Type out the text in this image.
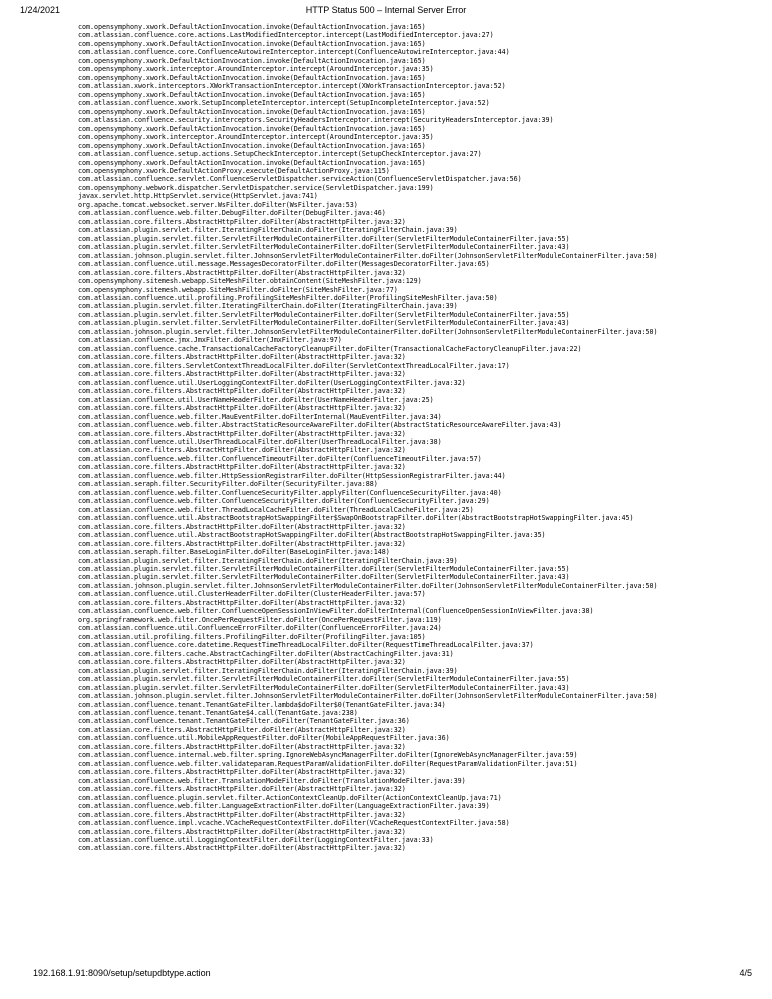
1/24/2021	HTTP Status 500 – Internal Server Error
com.opensymphony.xwork.DefaultActionInvocation.invoke(DefaultActionInvocation.java:165)
com.atlassian.confluence.core.actions.LastModifiedInterceptor.intercept(LastModifiedInterceptor.java:27)
com.opensymphony.xwork.DefaultActionInvocation.invoke(DefaultActionInvocation.java:165)
com.atlassian.confluence.core.ConfluenceAutowireInterceptor.intercept(ConfluenceAutowireInterceptor.java:44)
com.opensymphony.xwork.DefaultActionInvocation.invoke(DefaultActionInvocation.java:165)
com.opensymphony.xwork.interceptor.AroundInterceptor.intercept(AroundInterceptor.java:35)
com.opensymphony.xwork.DefaultActionInvocation.invoke(DefaultActionInvocation.java:165)
com.atlassian.xwork.interceptors.XWorkTransactionInterceptor.intercept(XWorkTransactionInterceptor.java:52)
com.opensymphony.xwork.DefaultActionInvocation.invoke(DefaultActionInvocation.java:165)
com.atlassian.confluence.xwork.SetupIncompleteInterceptor.intercept(SetupIncompleteInterceptor.java:52)
com.opensymphony.xwork.DefaultActionInvocation.invoke(DefaultActionInvocation.java:165)
com.atlassian.confluence.security.interceptors.SecurityHeadersInterceptor.intercept(SecurityHeadersInterceptor.java:39)
com.opensymphony.xwork.DefaultActionInvocation.invoke(DefaultActionInvocation.java:165)
com.opensymphony.xwork.interceptor.AroundInterceptor.intercept(AroundInterceptor.java:35)
com.opensymphony.xwork.DefaultActionInvocation.invoke(DefaultActionInvocation.java:165)
com.atlassian.confluence.setup.actions.SetupCheckInterceptor.intercept(SetupCheckInterceptor.java:27)
com.opensymphony.xwork.DefaultActionInvocation.invoke(DefaultActionInvocation.java:165)
com.opensymphony.xwork.DefaultActionProxy.execute(DefaultActionProxy.java:115)
com.atlassian.confluence.servlet.ConfluenceServletDispatcher.serviceAction(ConfluenceServletDispatcher.java:56)
com.opensymphony.webwork.dispatcher.ServletDispatcher.service(ServletDispatcher.java:199)
javax.servlet.http.HttpServlet.service(HttpServlet.java:741)
org.apache.tomcat.websocket.server.WsFilter.doFilter(WsFilter.java:53)
com.atlassian.confluence.web.filter.DebugFilter.doFilter(DebugFilter.java:46)
com.atlassian.core.filters.AbstractHttpFilter.doFilter(AbstractHttpFilter.java:32)
com.atlassian.plugin.servlet.filter.IteratingFilterChain.doFilter(IteratingFilterChain.java:39)
com.atlassian.plugin.servlet.filter.ServletFilterModuleContainerFilter.doFilter(ServletFilterModuleContainerFilter.java:55)
com.atlassian.plugin.servlet.filter.ServletFilterModuleContainerFilter.doFilter(ServletFilterModuleContainerFilter.java:43)
com.atlassian.johnson.plugin.servlet.filter.JohnsonServletFilterModuleContainerFilter.doFilter(JohnsonServletFilterModuleContainerFilter.java:50)
com.atlassian.confluence.util.message.MessagesDecoratorFilter.doFilter(MessagesDecoratorFilter.java:65)
com.atlassian.core.filters.AbstractHttpFilter.doFilter(AbstractHttpFilter.java:32)
com.opensymphony.sitemesh.webapp.SiteMeshFilter.obtainContent(SiteMeshFilter.java:129)
com.opensymphony.sitemesh.webapp.SiteMeshFilter.doFilter(SiteMeshFilter.java:77)
com.atlassian.confluence.util.profiling.ProfilingSiteMeshFilter.doFilter(ProfilingSiteMeshFilter.java:50)
com.atlassian.plugin.servlet.filter.IteratingFilterChain.doFilter(IteratingFilterChain.java:39)
com.atlassian.plugin.servlet.filter.ServletFilterModuleContainerFilter.doFilter(ServletFilterModuleContainerFilter.java:55)
com.atlassian.plugin.servlet.filter.ServletFilterModuleContainerFilter.doFilter(ServletFilterModuleContainerFilter.java:43)
com.atlassian.johnson.plugin.servlet.filter.JohnsonServletFilterModuleContainerFilter.doFilter(JohnsonServletFilterModuleContainerFilter.java:50)
com.atlassian.confluence.jmx.JmxFilter.doFilter(JmxFilter.java:97)
com.atlassian.confluence.cache.TransactionalCacheFactoryCleanupFilter.doFilter(TransactionalCacheFactoryCleanupFilter.java:22)
com.atlassian.core.filters.AbstractHttpFilter.doFilter(AbstractHttpFilter.java:32)
com.atlassian.core.filters.ServletContextThreadLocalFilter.doFilter(ServletContextThreadLocalFilter.java:17)
com.atlassian.core.filters.AbstractHttpFilter.doFilter(AbstractHttpFilter.java:32)
com.atlassian.confluence.util.UserLoggingContextFilter.doFilter(UserLoggingContextFilter.java:32)
com.atlassian.core.filters.AbstractHttpFilter.doFilter(AbstractHttpFilter.java:32)
com.atlassian.confluence.util.UserNameHeaderFilter.doFilter(UserNameHeaderFilter.java:25)
com.atlassian.core.filters.AbstractHttpFilter.doFilter(AbstractHttpFilter.java:32)
com.atlassian.confluence.web.filter.MauEventFilter.doFilterInternal(MauEventFilter.java:34)
com.atlassian.confluence.web.filter.AbstractStaticResourceAwareFilter.doFilter(AbstractStaticResourceAwareFilter.java:43)
com.atlassian.core.filters.AbstractHttpFilter.doFilter(AbstractHttpFilter.java:32)
com.atlassian.confluence.util.UserThreadLocalFilter.doFilter(UserThreadLocalFilter.java:38)
com.atlassian.core.filters.AbstractHttpFilter.doFilter(AbstractHttpFilter.java:32)
com.atlassian.confluence.web.filter.ConfluenceTimeoutFilter.doFilter(ConfluenceTimeoutFilter.java:57)
com.atlassian.core.filters.AbstractHttpFilter.doFilter(AbstractHttpFilter.java:32)
com.atlassian.confluence.web.filter.HttpSessionRegistrarFilter.doFilter(HttpSessionRegistrarFilter.java:44)
com.atlassian.seraph.filter.SecurityFilter.doFilter(SecurityFilter.java:88)
com.atlassian.confluence.web.filter.ConfluenceSecurityFilter.applyFilter(ConfluenceSecurityFilter.java:40)
com.atlassian.confluence.web.filter.ConfluenceSecurityFilter.doFilter(ConfluenceSecurityFilter.java:29)
com.atlassian.confluence.web.filter.ThreadLocalCacheFilter.doFilter(ThreadLocalCacheFilter.java:25)
com.atlassian.confluence.util.AbstractBootstrapHotSwappingFilter$SwapOnBootstrapFilter.doFilter(AbstractBootstrapHotSwappingFilter.java:45)
com.atlassian.core.filters.AbstractHttpFilter.doFilter(AbstractHttpFilter.java:32)
com.atlassian.confluence.util.AbstractBootstrapHotSwappingFilter.doFilter(AbstractBootstrapHotSwappingFilter.java:35)
com.atlassian.core.filters.AbstractHttpFilter.doFilter(AbstractHttpFilter.java:32)
com.atlassian.seraph.filter.BaseLoginFilter.doFilter(BaseLoginFilter.java:148)
com.atlassian.plugin.servlet.filter.IteratingFilterChain.doFilter(IteratingFilterChain.java:39)
com.atlassian.plugin.servlet.filter.ServletFilterModuleContainerFilter.doFilter(ServletFilterModuleContainerFilter.java:55)
com.atlassian.plugin.servlet.filter.ServletFilterModuleContainerFilter.doFilter(ServletFilterModuleContainerFilter.java:43)
com.atlassian.johnson.plugin.servlet.filter.JohnsonServletFilterModuleContainerFilter.doFilter(JohnsonServletFilterModuleContainerFilter.java:50)
com.atlassian.confluence.util.ClusterHeaderFilter.doFilter(ClusterHeaderFilter.java:57)
com.atlassian.core.filters.AbstractHttpFilter.doFilter(AbstractHttpFilter.java:32)
com.atlassian.confluence.web.filter.ConfluenceOpenSessionInViewFilter.doFilterInternal(ConfluenceOpenSessionInViewFilter.java:38)
org.springframework.web.filter.OncePerRequestFilter.doFilter(OncePerRequestFilter.java:119)
com.atlassian.confluence.util.ConfluenceErrorFilter.doFilter(ConfluenceErrorFilter.java:24)
com.atlassian.util.profiling.filters.ProfilingFilter.doFilter(ProfilingFilter.java:105)
com.atlassian.confluence.core.datetime.RequestTimeThreadLocalFilter.doFilter(RequestTimeThreadLocalFilter.java:37)
com.atlassian.core.filters.cache.AbstractCachingFilter.doFilter(AbstractCachingFilter.java:31)
com.atlassian.core.filters.AbstractHttpFilter.doFilter(AbstractHttpFilter.java:32)
com.atlassian.plugin.servlet.filter.IteratingFilterChain.doFilter(IteratingFilterChain.java:39)
com.atlassian.plugin.servlet.filter.ServletFilterModuleContainerFilter.doFilter(ServletFilterModuleContainerFilter.java:55)
com.atlassian.plugin.servlet.filter.ServletFilterModuleContainerFilter.doFilter(ServletFilterModuleContainerFilter.java:43)
com.atlassian.johnson.plugin.servlet.filter.JohnsonServletFilterModuleContainerFilter.doFilter(JohnsonServletFilterModuleContainerFilter.java:50)
com.atlassian.confluence.tenant.TenantGateFilter.lambda$doFilter$0(TenantGateFilter.java:34)
com.atlassian.confluence.tenant.TenantGate$4.call(TenantGate.java:238)
com.atlassian.confluence.tenant.TenantGateFilter.doFilter(TenantGateFilter.java:36)
com.atlassian.core.filters.AbstractHttpFilter.doFilter(AbstractHttpFilter.java:32)
com.atlassian.confluence.util.MobileAppRequestFilter.doFilter(MobileAppRequestFilter.java:36)
com.atlassian.core.filters.AbstractHttpFilter.doFilter(AbstractHttpFilter.java:32)
com.atlassian.confluence.internal.web.filter.spring.IgnoreWebAsyncManagerFilter.doFilter(IgnoreWebAsyncManagerFilter.java:59)
com.atlassian.confluence.web.filter.validateparam.RequestParamValidationFilter.doFilter(RequestParamValidationFilter.java:51)
com.atlassian.core.filters.AbstractHttpFilter.doFilter(AbstractHttpFilter.java:32)
com.atlassian.confluence.web.filter.TranslationModeFilter.doFilter(TranslationModeFilter.java:39)
com.atlassian.core.filters.AbstractHttpFilter.doFilter(AbstractHttpFilter.java:32)
com.atlassian.confluence.plugin.servlet.filter.ActionContextCleanUp.doFilter(ActionContextCleanUp.java:71)
com.atlassian.confluence.web.filter.LanguageExtractionFilter.doFilter(LanguageExtractionFilter.java:39)
com.atlassian.core.filters.AbstractHttpFilter.doFilter(AbstractHttpFilter.java:32)
com.atlassian.confluence.impl.vcache.VCacheRequestContextFilter.doFilter(VCacheRequestContextFilter.java:58)
com.atlassian.core.filters.AbstractHttpFilter.doFilter(AbstractHttpFilter.java:32)
com.atlassian.confluence.util.LoggingContextFilter.doFilter(LoggingContextFilter.java:33)
com.atlassian.core.filters.AbstractHttpFilter.doFilter(AbstractHttpFilter.java:32)
192.168.1.91:8090/setup/setupdbtype.action	4/5
